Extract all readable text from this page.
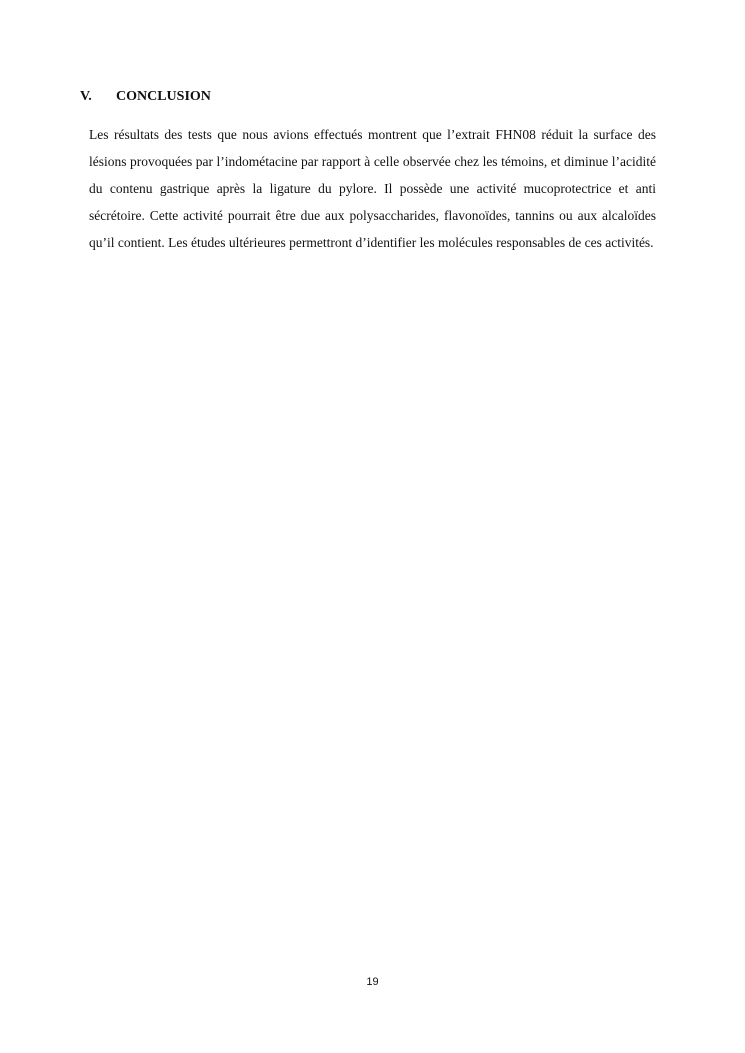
V. CONCLUSION

Les résultats des tests que nous avions effectués montrent que l’extrait FHN08 réduit la surface des lésions provoquées par l’indométacine par rapport à celle observée chez les témoins, et diminue l’acidité du contenu gastrique après la ligature du pylore. Il possède une activité mucoprotectrice et anti sécrétoire. Cette activité pourrait être due aux polysaccharides, flavonoïdes, tannins ou aux alcaloïdes qu’il contient. Les études ultérieures permettront d’identifier les molécules responsables de ces activités.

19
